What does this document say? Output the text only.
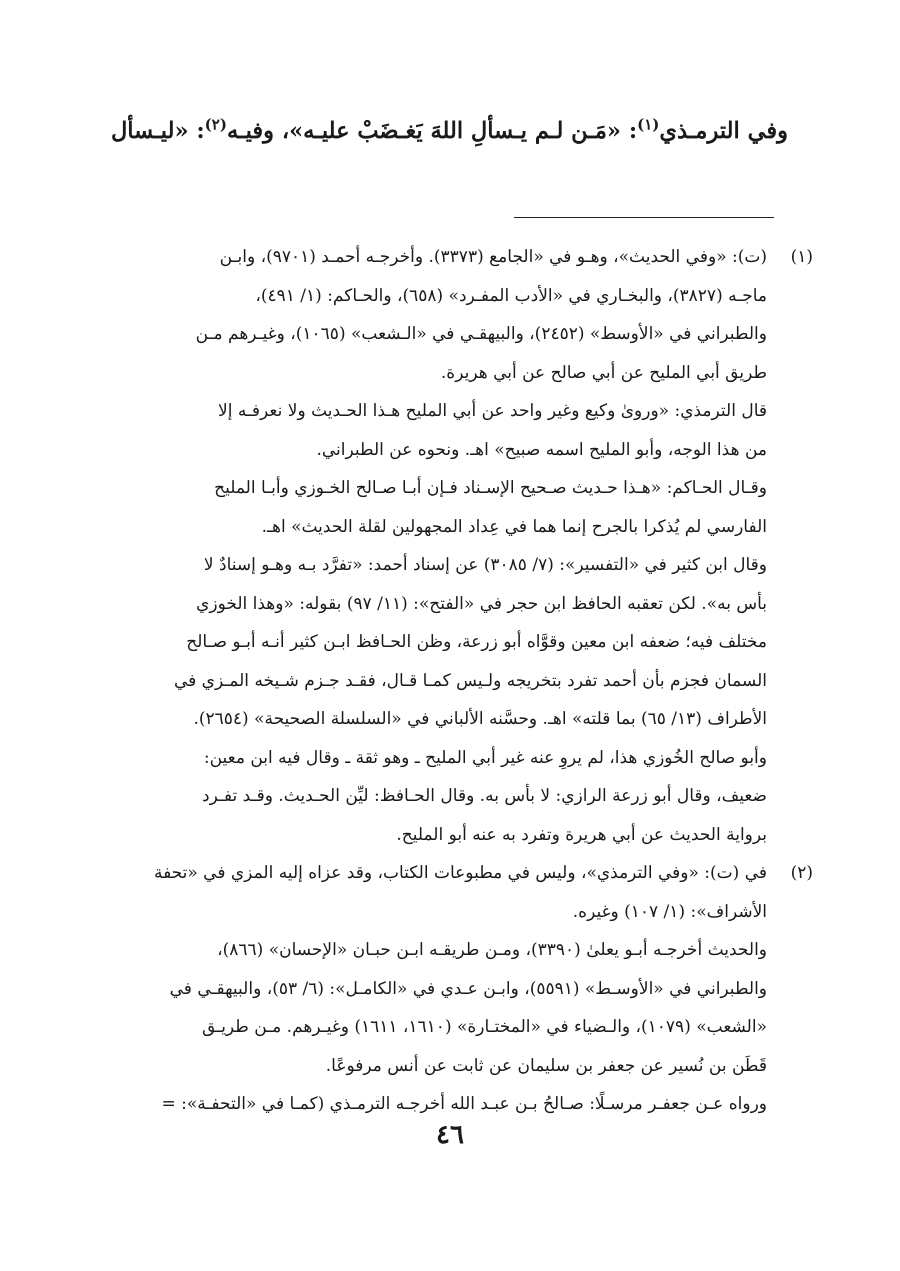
وفي الترمـذي$^{(١)}$: «مَـن لـم يـسألِ اللهَ يَغـضَبْ عليـه»، وفيـه$^{(٢)}$: «ليـسأل
(١)(ت): «وفي الحديث»، وهـو في «الجامع (٣٣٧٣). وأخرجـه أحمـد (٩٧٠١)، وابـن
ماجـه (٣٨٢٧)، والبخـاري في «الأدب المفـرد» (٦٥٨)، والحـاكم: (١/ ٤٩١)،
والطبراني في «الأوسط» (٢٤٥٢)، والبيهقـي في «الـشعب» (١٠٦٥)، وغيـرهم مـن
طريق أبي المليح عن أبي صالح عن أبي هريرة.
قال الترمذي: «وروىٰ وكيع وغير واحد عن أبي المليح هـذا الحـديث ولا نعرفـه إلا
من هذا الوجه، وأبو المليح اسمه صبيح» اهـ. ونحوه عن الطبراني.
وقـال الحـاكم: «هـذا حـديث صـحيح الإسـناد فـإن أبـا صـالح الخـوزي وأبـا المليح
الفارسي لم يُذكرا بالجرح إنما هما في عِداد المجهولين لقلة الحديث» اهـ.
وقال ابن كثير في «التفسير»: (٧/ ٣٠٨٥) عن إسناد أحمد: «تفرَّد بـه وهـو إسنادٌ لا
بأس به». لكن تعقبه الحافظ ابن حجر في «الفتح»: (١١/ ٩٧) بقوله: «وهذا الخوزي
مختلف فيه؛ ضعفه ابن معين وقوَّاه أبو زرعة، وظن الحـافظ ابـن كثير أنـه أبـو صـالح
السمان فجزم بأن أحمد تفرد بتخريجه ولـيس كمـا قـال، فقـد جـزم شـيخه المـزي في
الأطراف (١٣/ ٦٥) بما قلته» اهـ. وحسَّنه الألباني في «السلسلة الصحيحة» (٢٦٥٤).
وأبو صالح الخُوزي هذا، لم يروِ عنه غير أبي المليح ـ وهو ثقة ـ وقال فيه ابن معين:
ضعيف، وقال أبو زرعة الرازي: لا بأس به. وقال الحـافظ: ليِّن الحـديث. وقـد تفـرد
برواية الحديث عن أبي هريرة وتفرد به عنه أبو المليح.
(٢)في (ت): «وفي الترمذي»، وليس في مطبوعات الكتاب، وقد عزاه إليه المزي في «تحفة
الأشراف»: (١/ ١٠٧) وغيره.
والحديث أخرجـه أبـو يعلىٰ (٣٣٩٠)، ومـن طريقـه ابـن حبـان «الإحسان» (٨٦٦)،
والطبراني في «الأوسـط» (٥٥٩١)، وابـن عـدي في «الكامـل»: (٦/ ٥٣)، والبيهقـي في
«الشعب» (١٠٧٩)، والـضياء في «المختـارة» (١٦١٠، ١٦١١) وغيـرهم. مـن طريـق
قَطَن بن نُسير عن جعفر بن سليمان عن ثابت عن أنس مرفوعًا.
ورواه عـن جعفـر مرسـلًا: صـالحُ بـن عبـد الله أخرجـه الترمـذي (كمـا في «التحفـة»: =
٤٦
